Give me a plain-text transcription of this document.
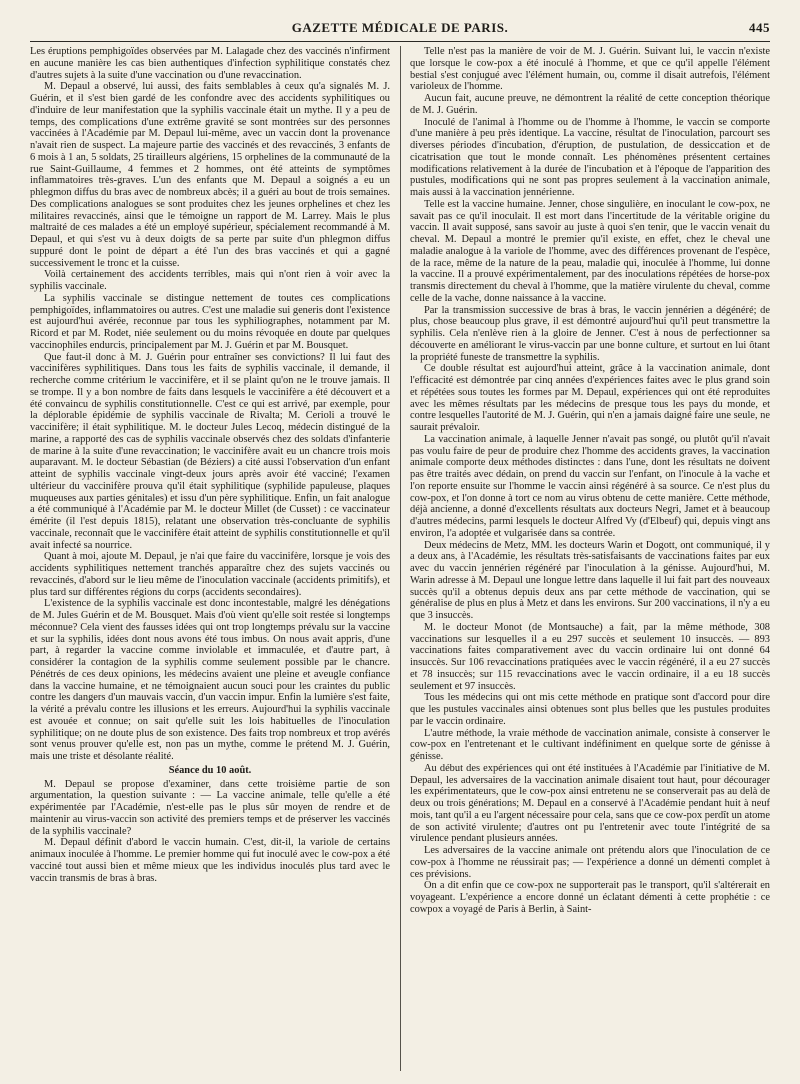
GAZETTE MÉDICALE DE PARIS.	445

Les éruptions pemphigoïdes observées par M. Lalagade chez des vaccinés n'infirment en aucune manière les cas bien authentiques d'infection syphilitique constatés chez d'autres sujets à la suite d'une vaccination ou d'une revaccination.

M. Depaul a observé, lui aussi, des faits semblables à ceux qu'a signalés M. J. Guérin, et il s'est bien gardé de les confondre avec des accidents syphilitiques ou d'induire de leur manifestation que la syphilis vaccinale était un mythe. Il y a peu de temps, des complications d'une extrême gravité se sont montrées sur des personnes vaccinées à l'Académie par M. Depaul lui-même, avec un vaccin dont la provenance n'avait rien de suspect. La majeure partie des vaccinés et des revaccinés, 3 enfants de 6 mois à 1 an, 5 soldats, 25 tirailleurs algériens, 15 orphelines de la communauté de la rue Saint-Guillaume, 4 femmes et 2 hommes, ont été atteints de symptômes inflammatoires très-graves. L'un des enfants que M. Depaul a soignés a eu un phlegmon diffus du bras avec de nombreux abcès; il a guéri au bout de trois semaines. Des complications analogues se sont produites chez les jeunes orphelines et chez les militaires revaccinés, ainsi que le témoigne un rapport de M. Larrey. Mais le plus maltraité de ces malades a été un employé supérieur, spécialement recommandé à M. Depaul, et qui s'est vu à deux doigts de sa perte par suite d'un phlegmon diffus suppuré dont le point de départ a été l'un des bras vaccinés et qui a gagné successivement le tronc et la cuisse.

Voilà certainement des accidents terribles, mais qui n'ont rien à voir avec la syphilis vaccinale.

La syphilis vaccinale se distingue nettement de toutes ces complications pemphigoïdes, inflammatoires ou autres. C'est une maladie sui generis dont l'existence est aujourd'hui avérée, reconnue par tous les syphiliographes, notamment par M. Ricord et par M. Rodet, niée seulement ou du moins révoquée en doute par quelques vaccinophiles endurcis, principalement par M. J. Guérin et par M. Bousquet.

Que faut-il donc à M. J. Guérin pour entraîner ses convictions? Il lui faut des vaccinifères syphilitiques. Dans tous les faits de syphilis vaccinale, il demande, il recherche comme critérium le vaccinifère, et il se plaint qu'on ne le trouve jamais. Il se trompe. Il y a bon nombre de faits dans lesquels le vaccinifère a été découvert et a été convaincu de syphilis constitutionnelle. C'est ce qui est arrivé, par exemple, pour la déplorable épidémie de syphilis vaccinale de Rivalta; M. Cerioli a trouvé le vaccinifère; il était syphilitique. M. le docteur Jules Lecoq, médecin distingué de la marine, a rapporté des cas de syphilis vaccinale observés chez des soldats d'infanterie de marine à la suite d'une revaccination; le vaccinifère avait eu un chancre trois mois auparavant. M. le docteur Sébastian (de Béziers) a cité aussi l'observation d'un enfant atteint de syphilis vaccinale vingt-deux jours après avoir été vacciné; l'examen ultérieur du vaccinifère prouva qu'il était syphilitique (syphilide papuleuse, plaques muqueuses aux parties génitales) et issu d'un père syphilitique. Enfin, un fait analogue a été communiqué à l'Académie par M. le docteur Millet (de Cusset) : ce vaccinateur émérite (il l'est depuis 1815), relatant une observation très-concluante de syphilis vaccinale, reconnaît que le vaccinifère était atteint de syphilis constitutionnelle et qu'il avait infecté sa nourrice.

Quant à moi, ajoute M. Depaul, je n'ai que faire du vaccinifère, lorsque je vois des accidents syphilitiques nettement tranchés apparaître chez des sujets vaccinés ou revaccinés, d'abord sur le lieu même de l'inoculation vaccinale (accidents primitifs), et plus tard sur différentes régions du corps (accidents secondaires).

L'existence de la syphilis vaccinale est donc incontestable, malgré les dénégations de M. Jules Guérin et de M. Bousquet. Mais d'où vient qu'elle soit restée si longtemps méconnue? Cela vient des fausses idées qui ont trop longtemps prévalu sur la vaccine et sur la syphilis, idées dont nous avons été tous imbus. On nous avait appris, d'une part, à regarder la vaccine comme inviolable et immaculée, et d'autre part, à considérer la contagion de la syphilis comme seulement possible par le chancre. Pénétrés de ces deux opinions, les médecins avaient une pleine et aveugle confiance dans la vaccine humaine, et ne témoignaient aucun souci pour les craintes du public contre les dangers d'un mauvais vaccin, d'un vaccin impur. Enfin la lumière s'est faite, la vérité a prévalu contre les illusions et les erreurs. Aujourd'hui la syphilis vaccinale est avouée et connue; on sait qu'elle suit les lois habituelles de l'inoculation syphilitique; on ne doute plus de son existence. Des faits trop nombreux et trop avérés sont venus prouver qu'elle est, non pas un mythe, comme le prétend M. J. Guérin, mais une triste et désolante réalité.

Séance du 10 août.

M. Depaul se propose d'examiner, dans cette troisième partie de son argumentation, la question suivante : — La vaccine animale, telle qu'elle a été expérimentée par l'Académie, n'est-elle pas le plus sûr moyen de rendre et de maintenir au virus-vaccin son activité des premiers temps et de préserver les vaccinés de la syphilis vaccinale?

M. Depaul définit d'abord le vaccin humain. C'est, dit-il, la variole de certains animaux inoculée à l'homme. Le premier homme qui fut inoculé avec le cow-pox a été vacciné tout aussi bien et même mieux que les individus inoculés plus tard avec le vaccin transmis de bras à bras.

Telle n'est pas la manière de voir de M. J. Guérin. Suivant lui, le vaccin n'existe que lorsque le cow-pox a été inoculé à l'homme, et que ce qu'il appelle l'élément bestial s'est conjugué avec l'élément humain, ou, comme il disait autrefois, l'élément varioleux de l'homme.

Aucun fait, aucune preuve, ne démontrent la réalité de cette conception théorique de M. J. Guérin.

Inoculé de l'animal à l'homme ou de l'homme à l'homme, le vaccin se comporte d'une manière à peu près identique. La vaccine, résultat de l'inoculation, parcourt ses diverses périodes d'incubation, d'éruption, de pustulation, de dessiccation et de cicatrisation que tout le monde connaît. Les phénomènes présentent certaines modifications relativement à la durée de l'incubation et à l'époque de l'apparition des pustules, modifications qui ne sont pas propres seulement à la vaccination animale, mais aussi à la vaccination jennérienne.

Telle est la vaccine humaine. Jenner, chose singulière, en inoculant le cow-pox, ne savait pas ce qu'il inoculait. Il est mort dans l'incertitude de la véritable origine du vaccin. Il avait supposé, sans savoir au juste à quoi s'en tenir, que le vaccin venait du cheval. M. Depaul a montré le premier qu'il existe, en effet, chez le cheval une maladie analogue à la variole de l'homme, avec des différences provenant de l'espèce, de la race, même de la nature de la peau, maladie qui, inoculée à l'homme, lui donne la vaccine. Il a prouvé expérimentalement, par des inoculations répétées de horse-pox transmis directement du cheval à l'homme, que la matière virulente du cheval, comme celle de la vache, donne naissance à la vaccine.

Par la transmission successive de bras à bras, le vaccin jennérien a dégénéré; de plus, chose beaucoup plus grave, il est démontré aujourd'hui qu'il peut transmettre la syphilis. Cela n'enlève rien à la gloire de Jenner. C'est à nous de perfectionner sa découverte en améliorant le virus-vaccin par une bonne culture, et surtout en lui ôtant la propriété funeste de transmettre la syphilis.

Ce double résultat est aujourd'hui atteint, grâce à la vaccination animale, dont l'efficacité est démontrée par cinq années d'expériences faites avec le plus grand soin et répétées sous toutes les formes par M. Depaul, expériences qui ont été reproduites avec les mêmes résultats par les médecins de presque tous les pays du monde, et contre lesquelles l'autorité de M. J. Guérin, qui n'en a jamais daigné faire une seule, ne saurait prévaloir.

La vaccination animale, à laquelle Jenner n'avait pas songé, ou plutôt qu'il n'avait pas voulu faire de peur de produire chez l'homme des accidents graves, la vaccination animale comporte deux méthodes distinctes : dans l'une, dont les résultats ne doivent pas être traités avec dédain, on prend du vaccin sur l'enfant, on l'inocule à la vache et l'on reporte ensuite sur l'homme le vaccin ainsi régénéré à sa source. Ce n'est plus du cow-pox, et l'on donne à tort ce nom au virus obtenu de cette manière. Cette méthode, déjà ancienne, a donné d'excellents résultats aux docteurs Negri, Jamet et à beaucoup d'autres médecins, parmi lesquels le docteur Alfred Vy (d'Elbeuf) qui, depuis vingt ans environ, l'a adoptée et vulgarisée dans sa contrée.

Deux médecins de Metz, MM. les docteurs Warin et Dogott, ont communiqué, il y a deux ans, à l'Académie, les résultats très-satisfaisants de vaccinations faites par eux avec du vaccin jennérien régénéré par l'inoculation à la génisse. Aujourd'hui, M. Warin adresse à M. Depaul une longue lettre dans laquelle il lui fait part des nouveaux succès qu'il a obtenus depuis deux ans par cette méthode de vaccination, qui se généralise de plus en plus à Metz et dans les environs. Sur 200 vaccinations, il n'y a eu que 3 insuccès.

M. le docteur Monot (de Montsauche) a fait, par la même méthode, 308 vaccinations sur lesquelles il a eu 297 succès et seulement 10 insuccès. — 893 vaccinations faites comparativement avec du vaccin ordinaire lui ont donné 64 insuccès. Sur 106 revaccinations pratiquées avec le vaccin régénéré, il a eu 27 succès et 78 insuccès; sur 115 revaccinations avec le vaccin ordinaire, il a eu 18 succès seulement et 97 insuccès.

Tous les médecins qui ont mis cette méthode en pratique sont d'accord pour dire que les pustules vaccinales ainsi obtenues sont plus belles que les pustules produites par le vaccin ordinaire.

L'autre méthode, la vraie méthode de vaccination animale, consiste à conserver le cow-pox en l'entretenant et le cultivant indéfiniment en quelque sorte de génisse à génisse.

Au début des expériences qui ont été instituées à l'Académie par l'initiative de M. Depaul, les adversaires de la vaccination animale disaient tout haut, pour décourager les expérimentateurs, que le cow-pox ainsi entretenu ne se conserverait pas au delà de deux ou trois générations; M. Depaul en a conservé à l'Académie pendant huit à neuf mois, tant qu'il a eu l'argent nécessaire pour cela, sans que ce cow-pox perdît un atome de son activité virulente; d'autres ont pu l'entretenir avec toute l'intégrité de sa virulence pendant plusieurs années.

Les adversaires de la vaccine animale ont prétendu alors que l'inoculation de ce cow-pox à l'homme ne réussirait pas; — l'expérience a donné un démenti complet à ces prévisions.

On a dit enfin que ce cow-pox ne supporterait pas le transport, qu'il s'altérerait en voyageant. L'expérience a encore donné un éclatant démenti à cette prophétie : ce cowpox a voyagé de Paris à Berlin, à Saint-
